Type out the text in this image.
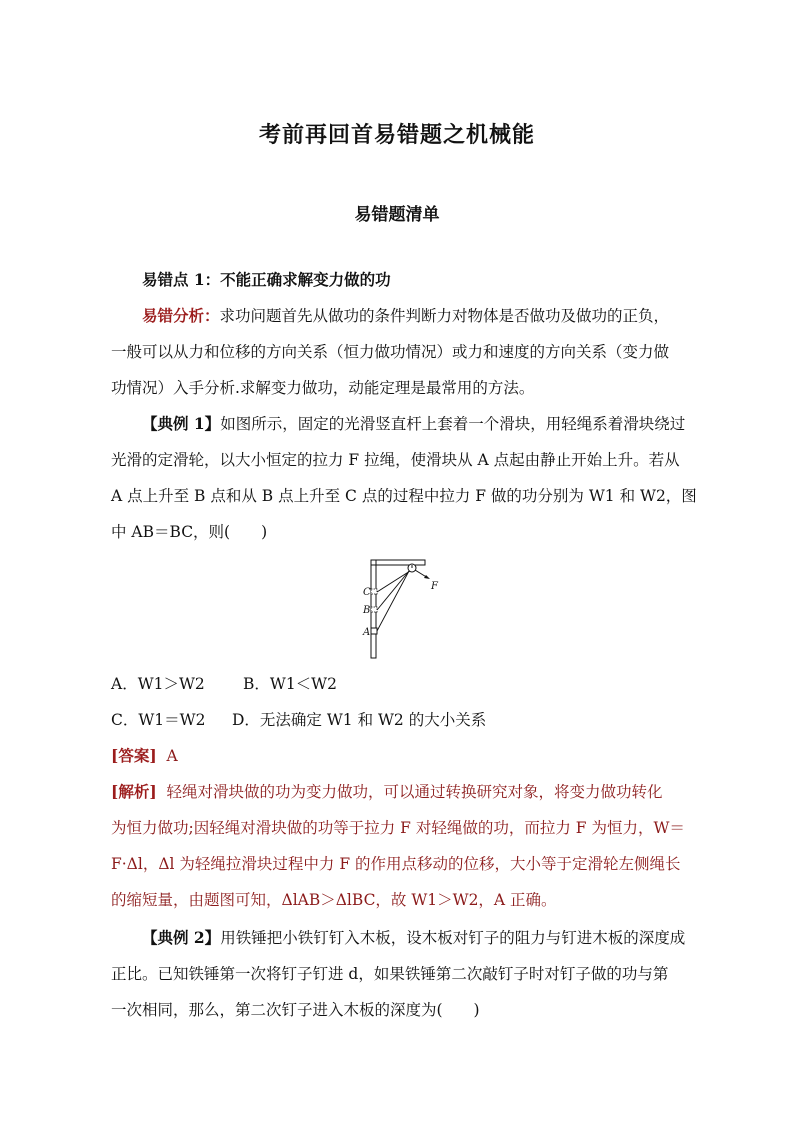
考前再回首易错题之机械能
易错题清单
易错点 1：不能正确求解变力做的功
易错分析：求功问题首先从做功的条件判断力对物体是否做功及做功的正负，
一般可以从力和位移的方向关系（恒力做功情况）或力和速度的方向关系（变力做
功情况）入手分析.求解变力做功，动能定理是最常用的方法。
【典例 1】如图所示，固定的光滑竖直杆上套着一个滑块，用轻绳系着滑块绕过
光滑的定滑轮，以大小恒定的拉力 F 拉绳，使滑块从 A 点起由静止开始上升。若从
A 点上升至 B 点和从 B 点上升至 C 点的过程中拉力 F 做的功分别为 W1 和 W2，图
中 AB＝BC，则(　　)
C
B
A
F
A．W1＞W2 B．W1＜W2
C．W1＝W2 D．无法确定 W1 和 W2 的大小关系
[答案] A
[解析] 轻绳对滑块做的功为变力做功，可以通过转换研究对象，将变力做功转化
为恒力做功;因轻绳对滑块做的功等于拉力 F 对轻绳做的功，而拉力 F 为恒力，W＝
F·Δl，Δl 为轻绳拉滑块过程中力 F 的作用点移动的位移，大小等于定滑轮左侧绳长
的缩短量，由题图可知，ΔlAB＞ΔlBC，故 W1＞W2，A 正确。
【典例 2】用铁锤把小铁钉钉入木板，设木板对钉子的阻力与钉进木板的深度成
正比。已知铁锤第一次将钉子钉进 d，如果铁锤第二次敲钉子时对钉子做的功与第
一次相同，那么，第二次钉子进入木板的深度为(　　)
